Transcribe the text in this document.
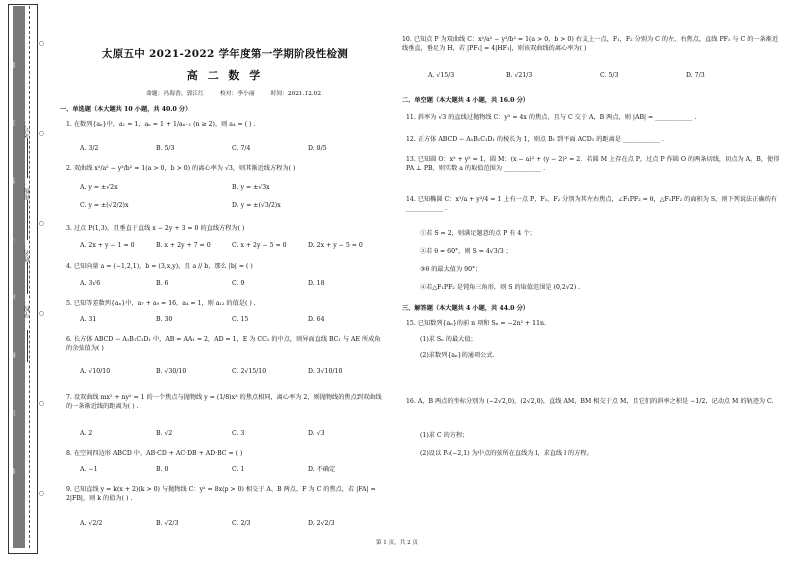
学校：
姓名：
班级：
考号：
题
答
要
不
内
线
订
装
○
○
○
○
○
○
太原五中 2021-2022 学年度第一学期阶段性检测
高 二 数 学
命题：冯海香、郭江红	校对：李小丽	时间：2021.12.02
一、单选题（本大题共 10 小题，共 40.0 分）
1. 在数列{aₙ}中，a₁ = 1，aₙ = 1 + 1/aₙ₋₁ (n ≥ 2)，则 a₄ = ( ) .
A. 3/2	B. 5/3	C. 7/4	D. 8/5
2. 双曲线 x²/a² − y²/b² = 1(a > 0，b > 0) 的离心率为 √3，则其渐近线方程为( )
A. y = ±√2x	B. y = ±√3x
C. y = ±(√2/2)x	D. y = ±(√3/2)x
3. 过点 P(1,3)，且垂直于直线 x − 2y + 3 = 0 的直线方程为( )
A. 2x + y − 1 = 0	B. x + 2y + 7 = 0	C. x + 2y − 5 = 0	D. 2x + y − 5 = 0
4. 已知向量 a = (−1,2,1)，b = (3,x,y)，且 a // b，那么 |b| = ( )
A. 3√6	B. 6	C. 9	D. 18
5. 已知等差数列{aₙ}中，a₇ + a₉ = 16，a₄ = 1，则 a₁₂ 的值是( ) .
A. 31	B. 30	C. 15	D. 64
6. 长方体 ABCD − A₁B₁C₁D₁ 中，AB = AA₁ = 2，AD = 1，E 为 CC₁ 的中点，则异面直线 BC₁ 与 AE 所成角的余弦值为( )
A. √10/10	B. √30/10	C. 2√15/10	D. 3√10/10
7. 设双曲线 mx² + ny² = 1 的一个焦点与抛物线 y = (1/8)x² 的焦点相同，离心率为 2，则抛物线的焦点到双曲线的一条渐近线的距离为( ) .
A. 2	B. √2	C. 3	D. √3
8. 在空间四边形 ABCD 中，AB·CD + AC·DB + AD·BC = ( )
A. −1	B. 0	C. 1	D. 不确定
9. 已知直线 y = k(x + 2)(k > 0) 与抛物线 C：y² = 8x(p > 0) 相交于 A、B 两点，F 为 C 的焦点，若 |FA| = 2|FB|，则 k 的值为( ) .
A. √2/2	B. √2/3	C. 2/3	D. 2√2/3
10. 已知点 P 为双曲线 C：x²/a² − y²/b² = 1(a > 0，b > 0) 右支上一点，F₁，F₂ 分别为 C 的左、右焦点，直线 PF₁ 与 C 的一条渐近线垂直，垂足为 H，若 |PF₁| = 4|HF₁|，则该双曲线的离心率为( )
A. √15/3	B. √21/3	C. 5/3	D. 7/3
二、单空题（本大题共 4 小题，共 16.0 分）
11. 斜率为 √3 的直线过抛物线 C：y² = 4x 的焦点，且与 C 交于 A，B 两点，则 |AB| = ____________ .
12. 正方体 ABCD − A₁B₁C₁D₁ 的棱长为 1，则点 B₁ 到平面 ACD₁ 的距离是 ____________ .
13. 已知圆 O：x² + y² = 1，圆 M：(x − a)² + (y − 2)² = 2．若圆 M 上存在点 P，过点 P 作圆 O 的两条切线，切点为 A，B，使得 PA ⊥ PB，则实数 a 的取值范围为 ____________ .
14. 已知椭圆 C：x²/a + y²/4 = 1 上有一点 P，F₁，F₂ 分别为其左右焦点，∠F₁PF₂ = θ，△F₁PF₂ 的面积为 S，则下列说法正确的有 ____________ .
①若 S = 2，则满足题意的点 P 有 4 个；
②若 θ = 60°，则 S = 4√3/3 ；
③θ 的最大值为 90°；
④若△F₁PF₂ 是钝角三角形，则 S 的取值范围是 (0,2√2) .
三、解答题（本大题共 4 小题，共 44.0 分）
15. 已知数列{aₙ}的前 n 项和 Sₙ = −2n² + 11n.
(1)求 Sₙ 的最大值；
(2)求数列{aₙ}的通项公式.
16. A，B 两点的坐标分别为 (−2√2,0)，(2√2,0)，直线 AM，BM 相交于点 M，且它们的斜率之积是 −1/2，记动点 M 的轨迹为 C.
(1)求 C 的方程；
(2)设以 P₀(−2,1) 为中点的弦所在直线为 l，求直线 l 的方程。
第 1 页，共 2 页
